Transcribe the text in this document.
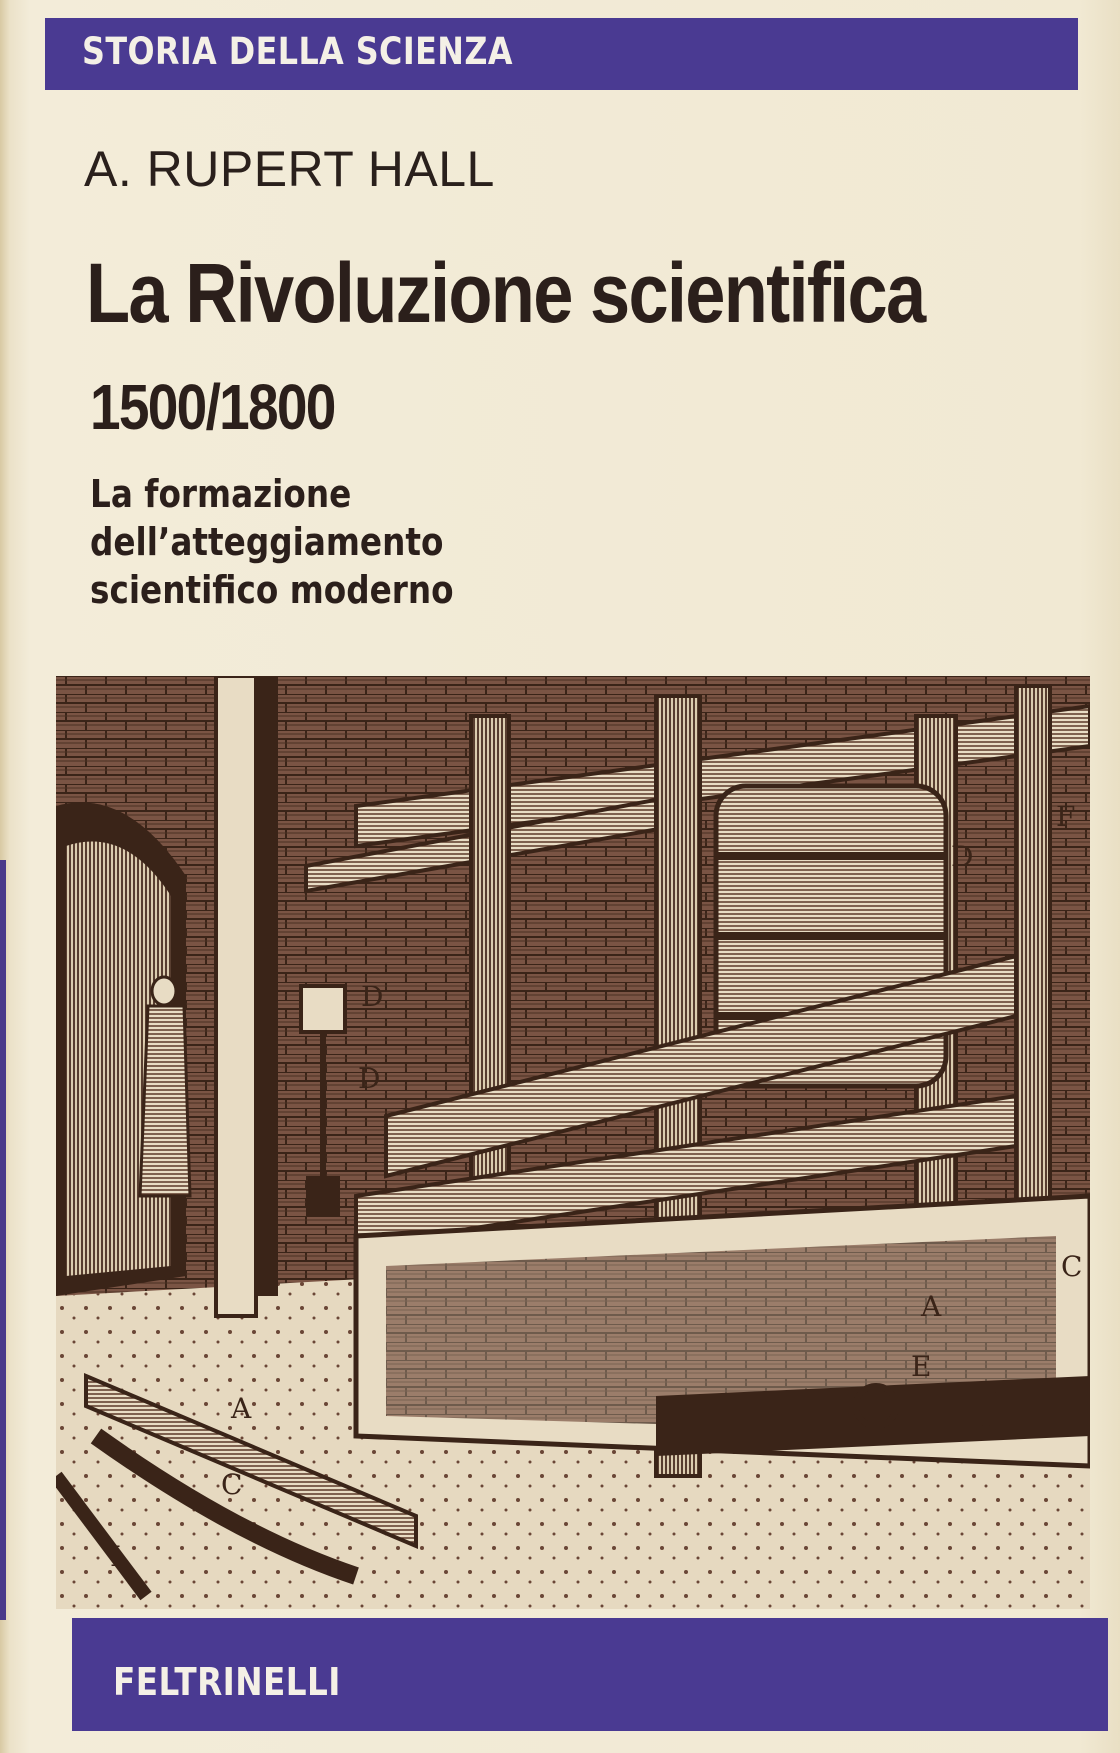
STORIA DELLA SCIENZA
A. RUPERT HALL
La Rivoluzione scientifica
1500/1800
La formazione dell’atteggiamento
scientifico moderno
D
D
D
F
C
A
E
A
C
L
FELTRINELLI
